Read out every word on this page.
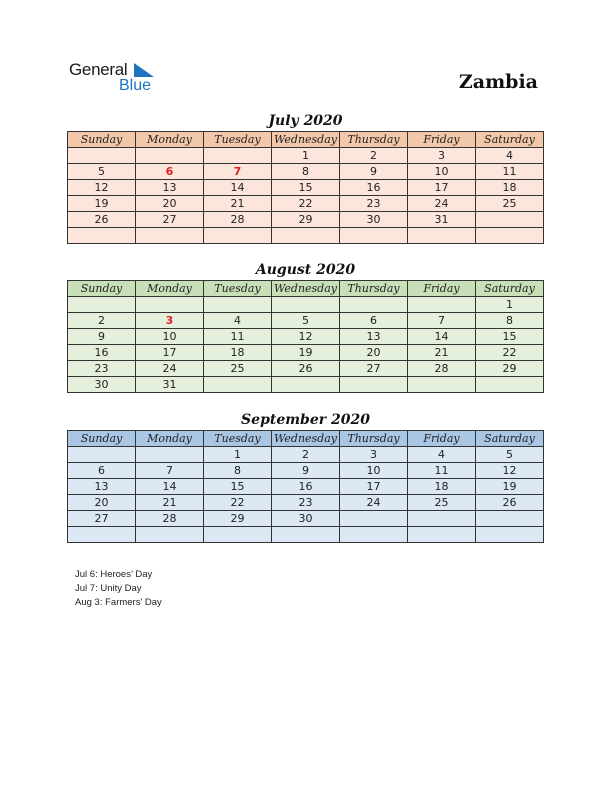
General
Blue	Zambia
July 2020
Sunday	Monday	Tuesday	Wednesday	Thursday	Friday	Saturday
			1	2	3	4
5	6	7	8	9	10	11
12	13	14	15	16	17	18
19	20	21	22	23	24	25
26	27	28	29	30	31	

August 2020
Sunday	Monday	Tuesday	Wednesday	Thursday	Friday	Saturday
						1
2	3	4	5	6	7	8
9	10	11	12	13	14	15
16	17	18	19	20	21	22
23	24	25	26	27	28	29
30	31					
September 2020
Sunday	Monday	Tuesday	Wednesday	Thursday	Friday	Saturday
		1	2	3	4	5
6	7	8	9	10	11	12
13	14	15	16	17	18	19
20	21	22	23	24	25	26
27	28	29	30			

Jul 6: Heroes’ Day
Jul 7: Unity Day
Aug 3: Farmers’ Day
